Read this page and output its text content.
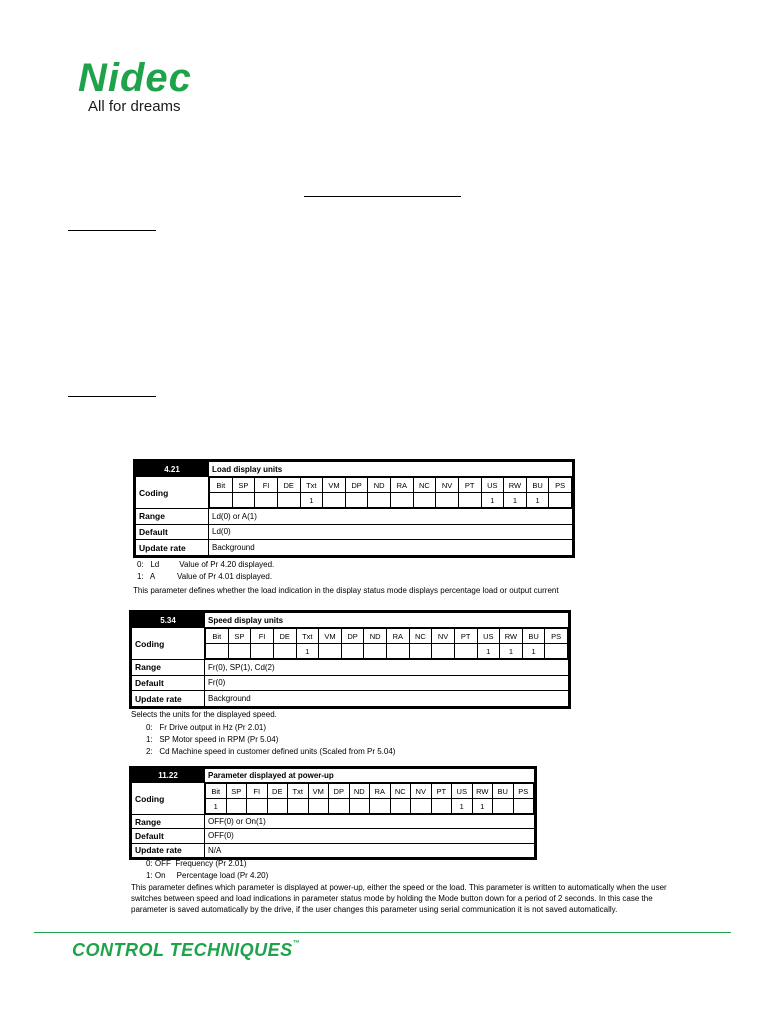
Nidec
All for dreams
4.21	Load display units
Coding	
Bit	SP	FI	DE	Txt	VM	DP	ND	RA	NC	NV	PT	US	RW	BU	PS
				1								1	1	1	

Range	Ld(0) or A(1)
Default	Ld(0)
Update rate	Background
0:   Ld         Value of Pr 4.20 displayed.
1:   A          Value of Pr 4.01 displayed.
This parameter defines whether the load indication in the display status mode displays percentage load or output current
5.34	Speed display units
Coding	
Bit	SP	FI	DE	Txt	VM	DP	ND	RA	NC	NV	PT	US	RW	BU	PS
				1								1	1	1	

Range	Fr(0), SP(1), Cd(2)
Default	Fr(0)
Update rate	Background
Selects the units for the displayed speed.
0:   Fr Drive output in Hz (Pr 2.01)
1:   SP Motor speed in RPM (Pr 5.04)
2:   Cd Machine speed in customer defined units (Scaled from Pr 5.04)
11.22	Parameter displayed at power-up
Coding	
Bit	SP	FI	DE	Txt	VM	DP	ND	RA	NC	NV	PT	US	RW	BU	PS
1												1	1		

Range	OFF(0) or On(1)
Default	OFF(0)
Update rate	N/A
0: OFF  Frequency (Pr 2.01)
1: On     Percentage load (Pr 4.20)
This parameter defines which parameter is displayed at power-up, either the speed or the load. This parameter is written to automatically when the user switches between speed and load indications in parameter status mode by holding the Mode button down for a period of 2 seconds. In this case the parameter is saved automatically by the drive, if the user changes this parameter using serial communication it is not saved automatically.
CONTROL TECHNIQUES™
